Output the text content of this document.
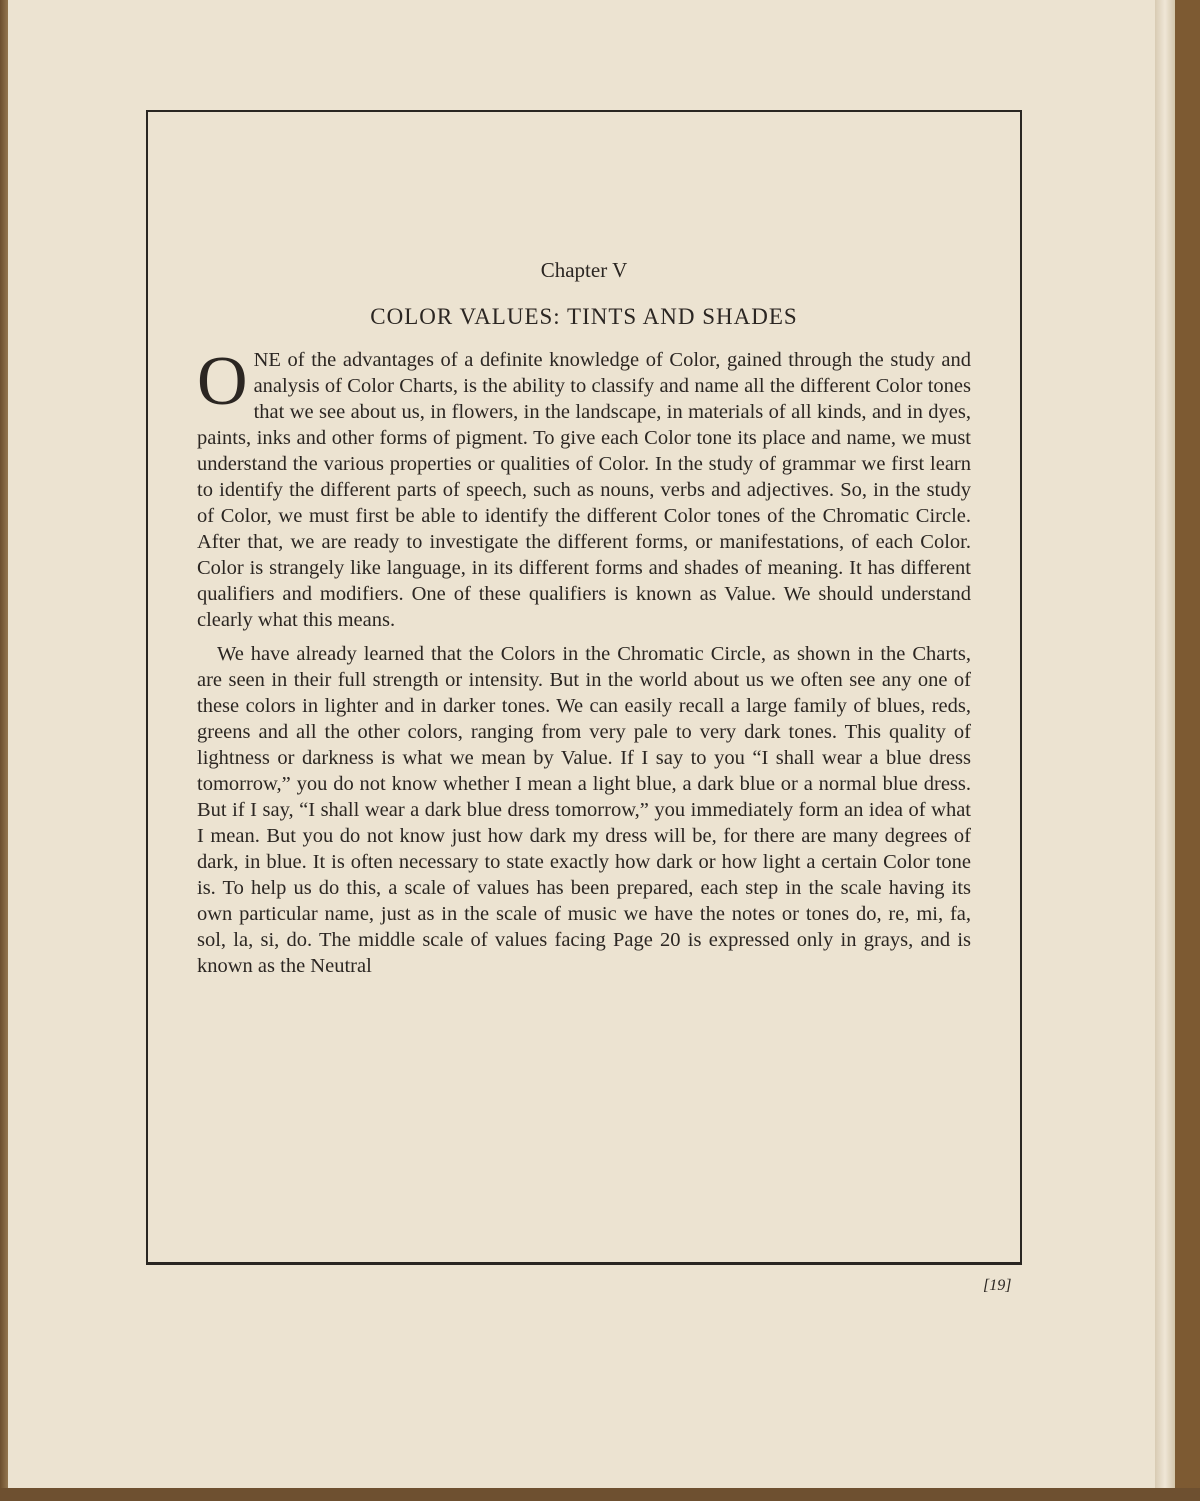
Chapter V
COLOR VALUES: TINTS AND SHADES

ONE of the advantages of a definite knowledge of Color, gained through the study and analysis of Color Charts, is the ability to classify and name all the different Color tones that we see about us, in flowers, in the landscape, in materials of all kinds, and in dyes, paints, inks and other forms of pigment. To give each Color tone its place and name, we must understand the various properties or qualities of Color. In the study of grammar we first learn to identify the different parts of speech, such as nouns, verbs and adjectives. So, in the study of Color, we must first be able to identify the different Color tones of the Chromatic Circle. After that, we are ready to investigate the different forms, or manifestations, of each Color. Color is strangely like language, in its different forms and shades of meaning. It has different qualifiers and modifiers. One of these qualifiers is known as Value. We should understand clearly what this means.

We have already learned that the Colors in the Chromatic Circle, as shown in the Charts, are seen in their full strength or intensity. But in the world about us we often see any one of these colors in lighter and in darker tones. We can easily recall a large family of blues, reds, greens and all the other colors, ranging from very pale to very dark tones. This quality of lightness or darkness is what we mean by Value. If I say to you “I shall wear a blue dress tomorrow,” you do not know whether I mean a light blue, a dark blue or a normal blue dress. But if I say, “I shall wear a dark blue dress tomorrow,” you immediately form an idea of what I mean. But you do not know just how dark my dress will be, for there are many degrees of dark, in blue. It is often necessary to state exactly how dark or how light a certain Color tone is. To help us do this, a scale of values has been prepared, each step in the scale having its own particular name, just as in the scale of music we have the notes or tones do, re, mi, fa, sol, la, si, do. The middle scale of values facing Page 20 is expressed only in grays, and is known as the Neutral

[19]
